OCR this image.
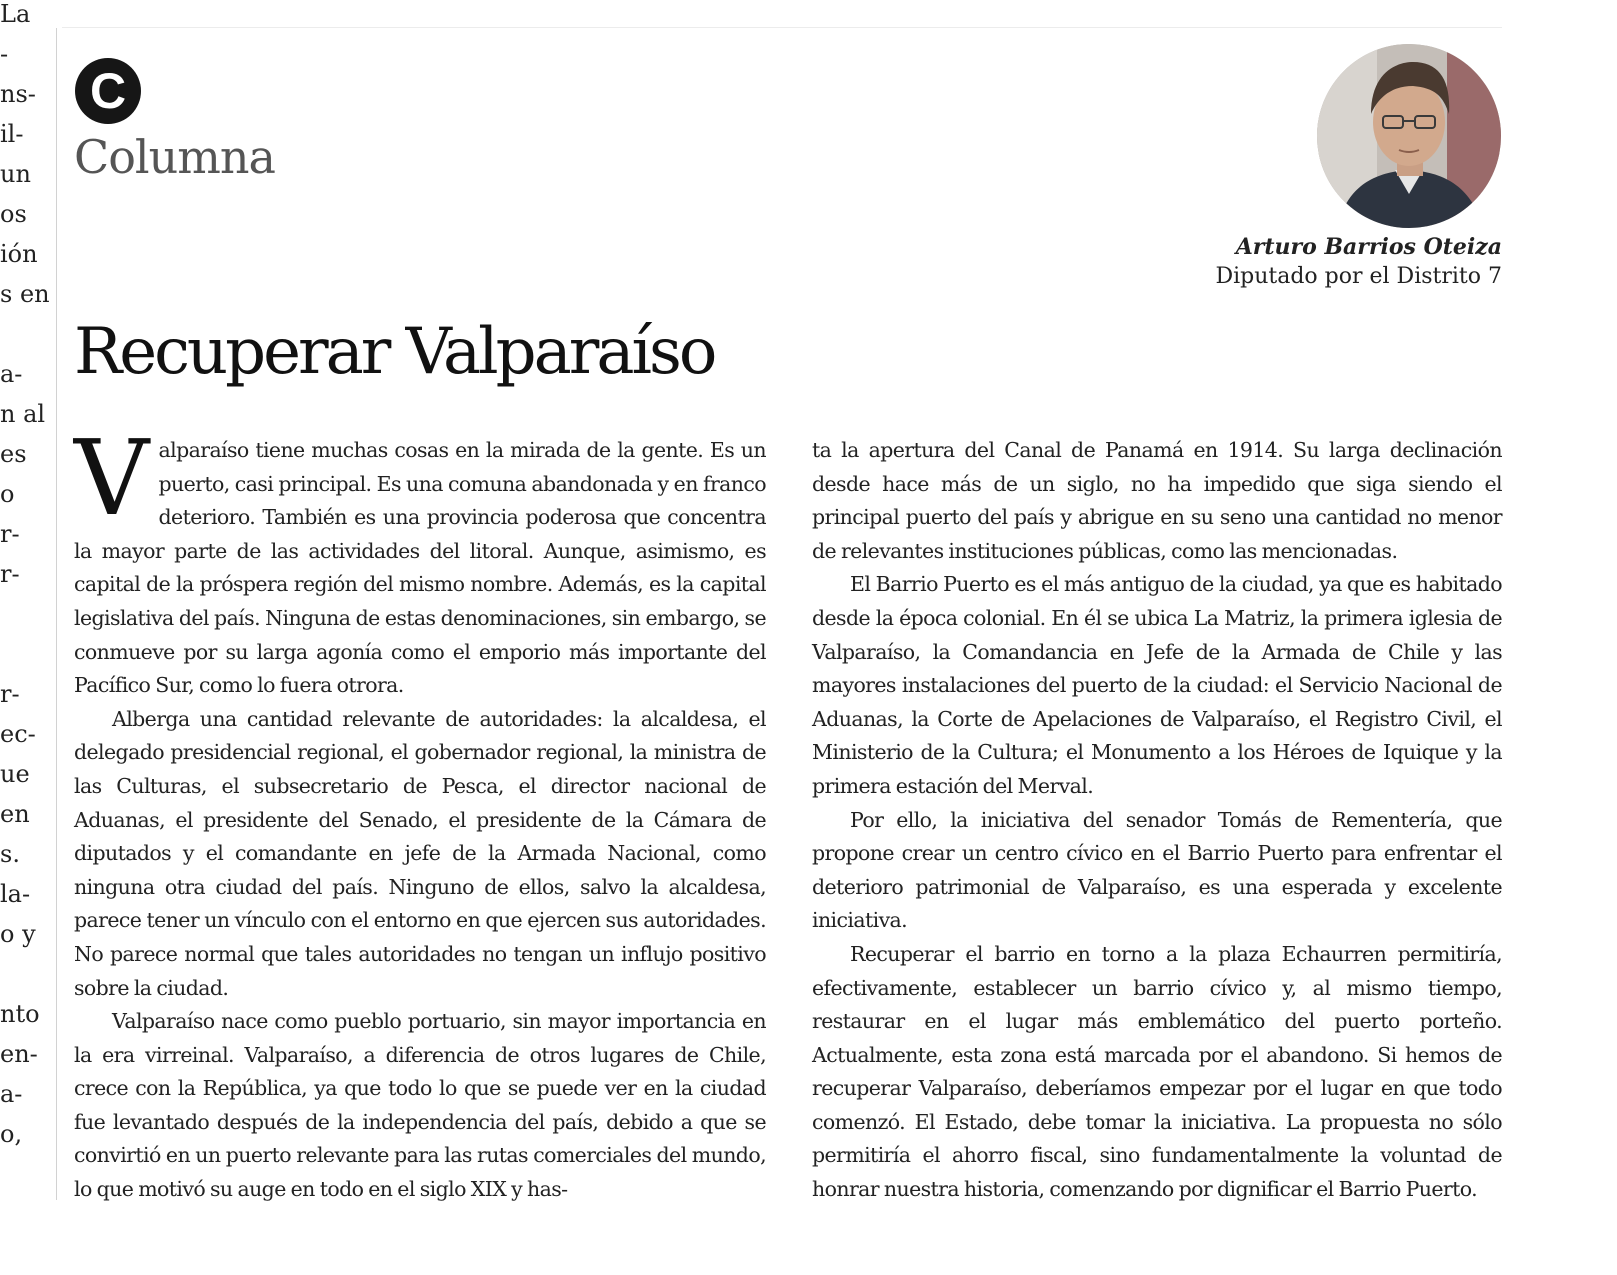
La
-
ns-
il-
un
os
ión
s en
a-
n al
es
o
r-
r-
r-
ec-
ue
en
s.
la-
o y
nto
en-
a-
o,
C
Columna
Arturo Barrios Oteiza
Diputado por el Distrito 7
Recuperar Valparaíso

Valparaíso tiene muchas cosas en la mirada de la gente. Es un puerto, casi principal. Es una comuna abandonada y en franco deterioro. También es una provincia poderosa que concentra la mayor parte de las actividades del litoral. Aunque, asimismo, es capital de la próspera región del mismo nombre. Además, es la capital legislativa del país. Ninguna de estas denominaciones, sin embargo, se conmueve por su larga agonía como el emporio más importante del Pacífico Sur, como lo fuera otrora.

Alberga una cantidad relevante de autoridades: la alcaldesa, el delegado presidencial regional, el gobernador regional, la ministra de las Culturas, el subsecretario de Pesca, el director nacional de Aduanas, el presidente del Senado, el presidente de la Cámara de diputados y el comandante en jefe de la Armada Nacional, como ninguna otra ciudad del país. Ninguno de ellos, salvo la alcaldesa, parece tener un vínculo con el entorno en que ejercen sus autoridades. No parece normal que tales autoridades no tengan un influjo positivo sobre la ciudad.

Valparaíso nace como pueblo portuario, sin mayor importancia en la era virreinal. Valparaíso, a diferencia de otros lugares de Chile, crece con la República, ya que todo lo que se puede ver en la ciudad fue levantado después de la independencia del país, debido a que se convirtió en un puerto relevante para las rutas comerciales del mundo, lo que motivó su auge en todo en el siglo XIX y has-

ta la apertura del Canal de Panamá en 1914. Su larga declinación desde hace más de un siglo, no ha impedido que siga siendo el principal puerto del país y abrigue en su seno una cantidad no menor de relevantes instituciones públicas, como las mencionadas.

El Barrio Puerto es el más antiguo de la ciudad, ya que es habitado desde la época colonial. En él se ubica La Matriz, la primera iglesia de Valparaíso, la Comandancia en Jefe de la Armada de Chile y las mayores instalaciones del puerto de la ciudad: el Servicio Nacional de Aduanas, la Corte de Apelaciones de Valparaíso, el Registro Civil, el Ministerio de la Cultura; el Monumento a los Héroes de Iquique y la primera estación del Merval.

Por ello, la iniciativa del senador Tomás de Rementería, que propone crear un centro cívico en el Barrio Puerto para enfrentar el deterioro patrimonial de Valparaíso, es una esperada y excelente iniciativa.

Recuperar el barrio en torno a la plaza Echaurren permitiría, efectivamente, establecer un barrio cívico y, al mismo tiempo, restaurar en el lugar más emblemático del puerto porteño. Actualmente, esta zona está marcada por el abandono. Si hemos de recuperar Valparaíso, deberíamos empezar por el lugar en que todo comenzó. El Estado, debe tomar la iniciativa. La propuesta no sólo permitiría el ahorro fiscal, sino fundamentalmente la voluntad de honrar nuestra historia, comenzando por dignificar el Barrio Puerto.
